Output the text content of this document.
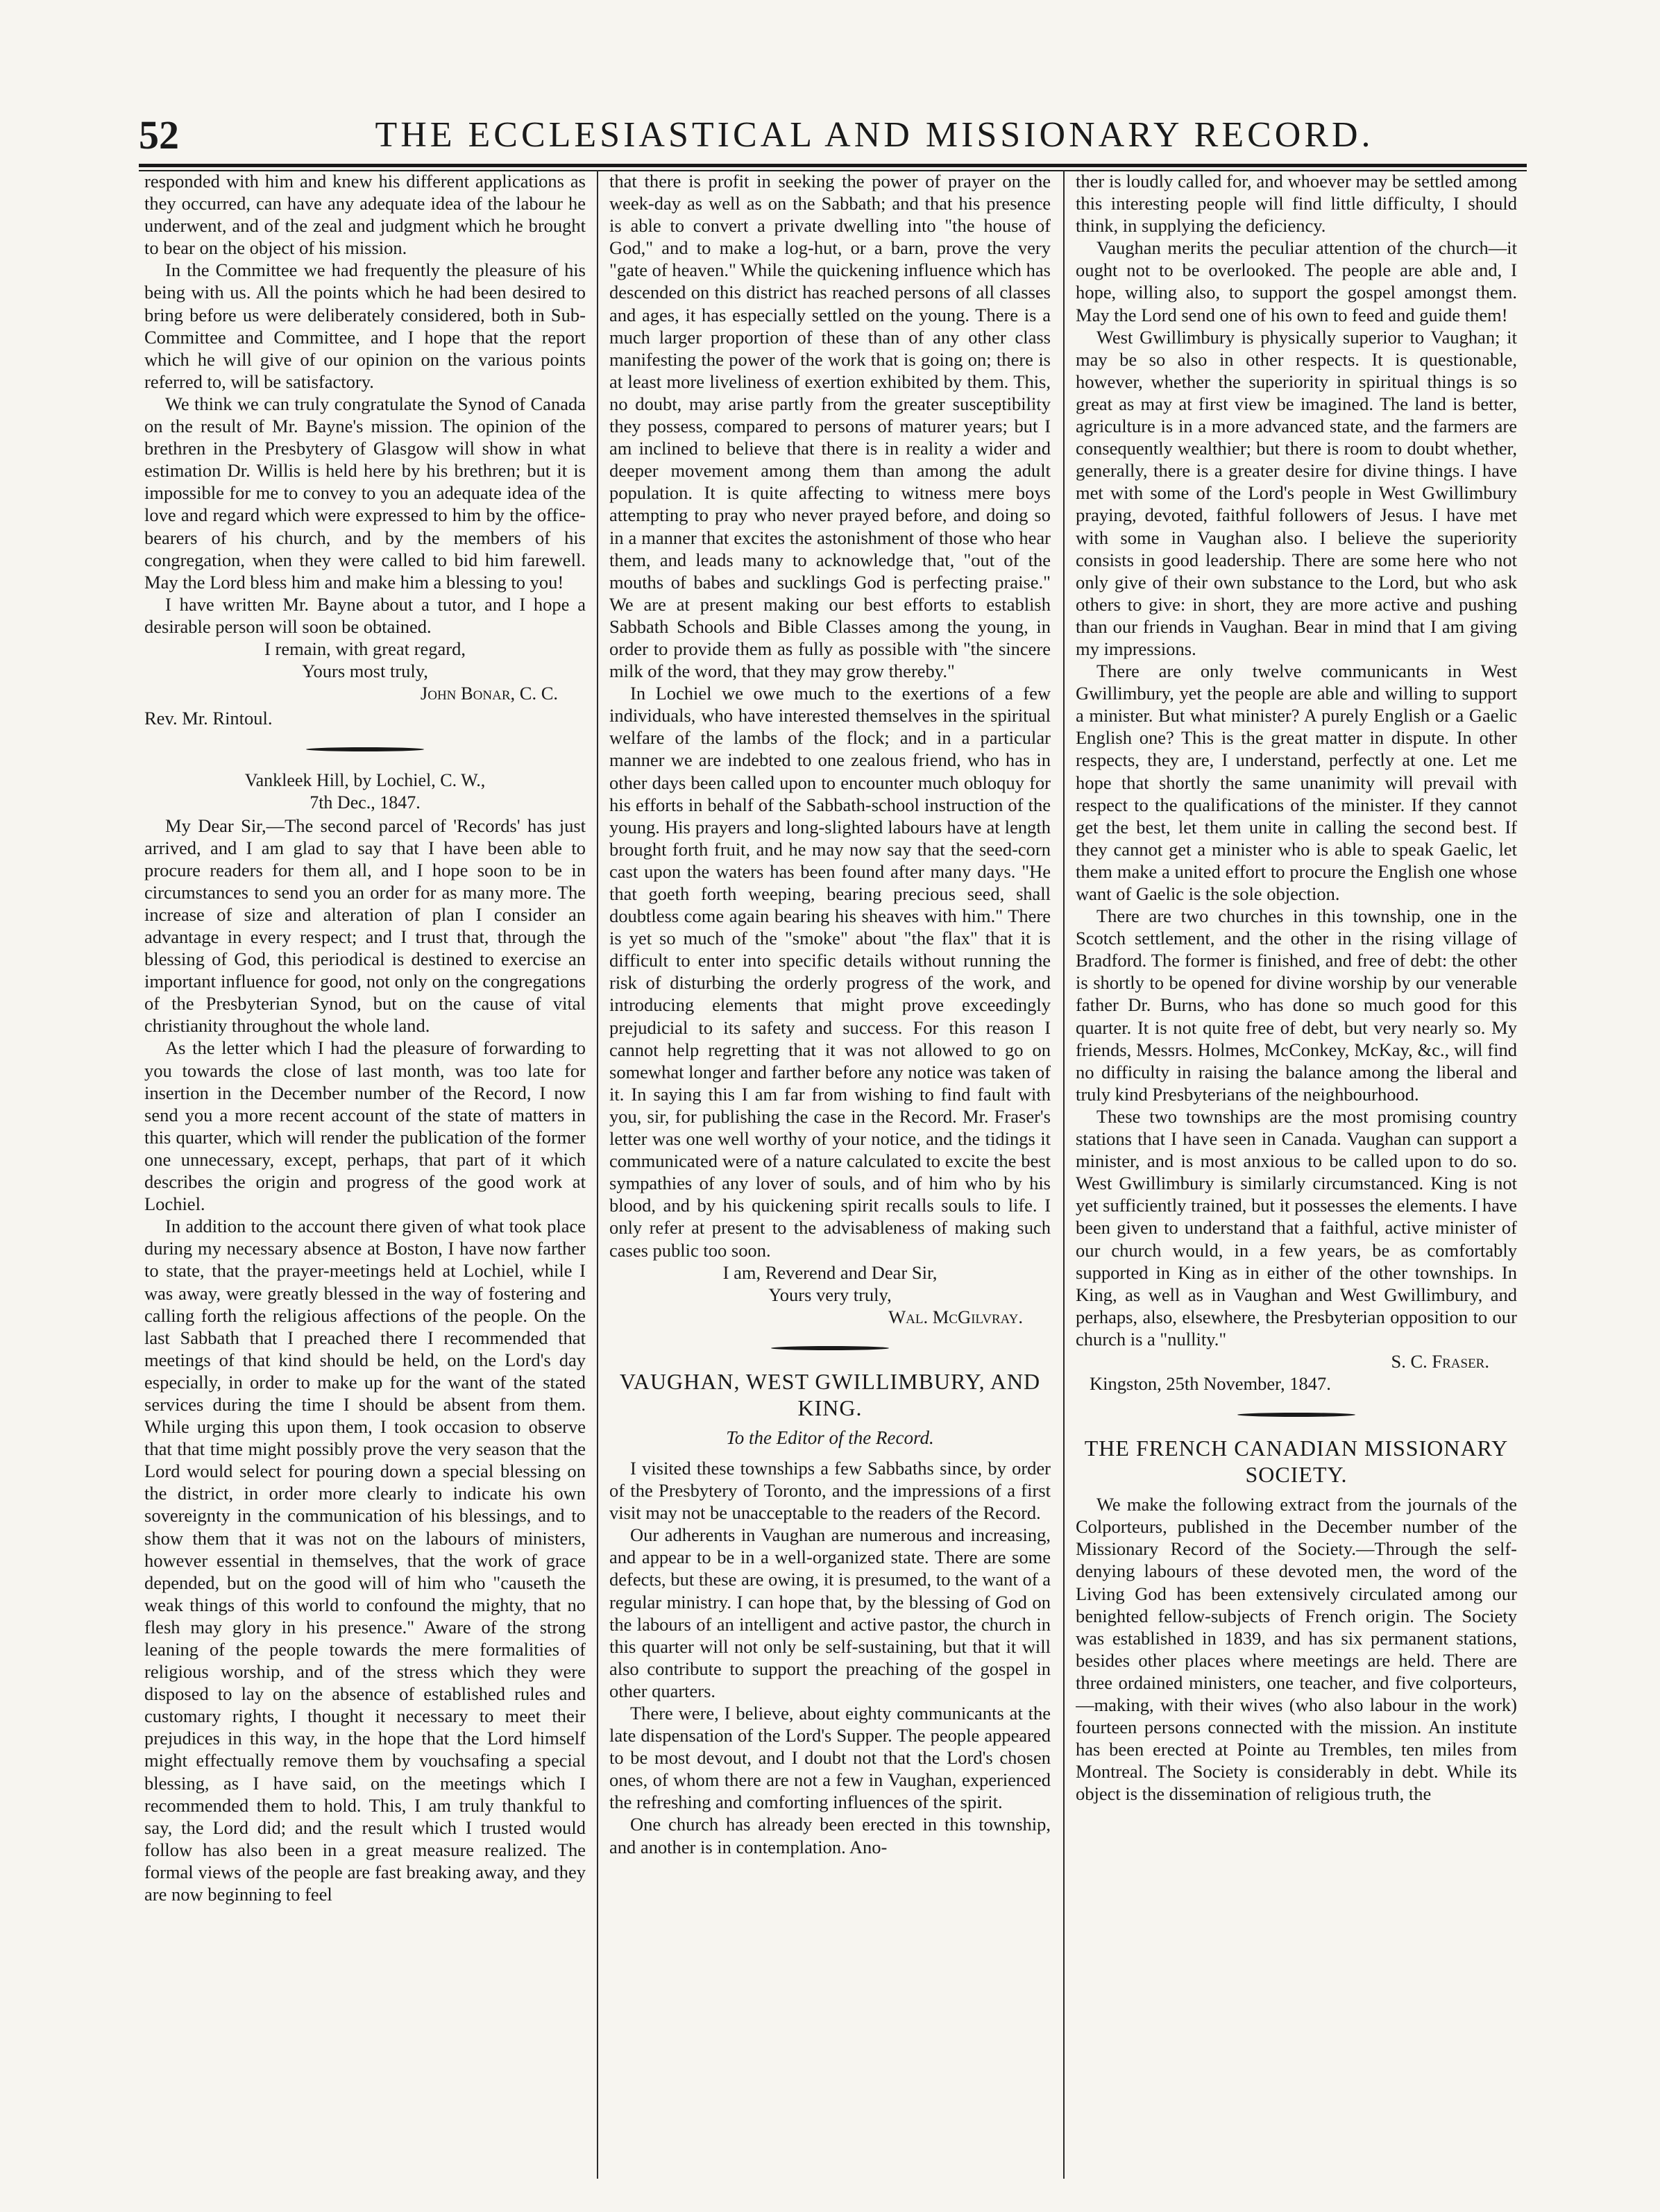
52	THE ECCLESIASTICAL AND MISSIONARY RECORD.

responded with him and knew his different applications as they occurred, can have any adequate idea of the labour he underwent, and of the zeal and judgment which he brought to bear on the object of his mission.

In the Committee we had frequently the pleasure of his being with us. All the points which he had been desired to bring before us were deliberately considered, both in Sub-Committee and Committee, and I hope that the report which he will give of our opinion on the various points referred to, will be satisfactory.

We think we can truly congratulate the Synod of Canada on the result of Mr. Bayne's mission. The opinion of the brethren in the Presbytery of Glasgow will show in what estimation Dr. Willis is held here by his brethren; but it is impossible for me to convey to you an adequate idea of the love and regard which were expressed to him by the office-bearers of his church, and by the members of his congregation, when they were called to bid him farewell. May the Lord bless him and make him a blessing to you!

I have written Mr. Bayne about a tutor, and I hope a desirable person will soon be obtained.

I remain, with great regard,
Yours most truly,
John Bonar, C. C.
Rev. Mr. Rintoul.
Vankleek Hill, by Lochiel, C. W.,
7th Dec., 1847.

My Dear Sir,—The second parcel of 'Records' has just arrived, and I am glad to say that I have been able to procure readers for them all, and I hope soon to be in circumstances to send you an order for as many more. The increase of size and alteration of plan I consider an advantage in every respect; and I trust that, through the blessing of God, this periodical is destined to exercise an important influence for good, not only on the congregations of the Presbyterian Synod, but on the cause of vital christianity throughout the whole land.

As the letter which I had the pleasure of forwarding to you towards the close of last month, was too late for insertion in the December number of the Record, I now send you a more recent account of the state of matters in this quarter, which will render the publication of the former one unnecessary, except, perhaps, that part of it which describes the origin and progress of the good work at Lochiel.

In addition to the account there given of what took place during my necessary absence at Boston, I have now farther to state, that the prayer-meetings held at Lochiel, while I was away, were greatly blessed in the way of fostering and calling forth the religious affections of the people. On the last Sabbath that I preached there I recommended that meetings of that kind should be held, on the Lord's day especially, in order to make up for the want of the stated services during the time I should be absent from them. While urging this upon them, I took occasion to observe that that time might possibly prove the very season that the Lord would select for pouring down a special blessing on the district, in order more clearly to indicate his own sovereignty in the communication of his blessings, and to show them that it was not on the labours of ministers, however essential in themselves, that the work of grace depended, but on the good will of him who "causeth the weak things of this world to confound the mighty, that no flesh may glory in his presence." Aware of the strong leaning of the people towards the mere formalities of religious worship, and of the stress which they were disposed to lay on the absence of established rules and customary rights, I thought it necessary to meet their prejudices in this way, in the hope that the Lord himself might effectually remove them by vouchsafing a special blessing, as I have said, on the meetings which I recommended them to hold. This, I am truly thankful to say, the Lord did; and the result which I trusted would follow has also been in a great measure realized. The formal views of the people are fast breaking away, and they are now beginning to feel

that there is profit in seeking the power of prayer on the week-day as well as on the Sabbath; and that his presence is able to convert a private dwelling into "the house of God," and to make a log-hut, or a barn, prove the very "gate of heaven." While the quickening influence which has descended on this district has reached persons of all classes and ages, it has especially settled on the young. There is a much larger proportion of these than of any other class manifesting the power of the work that is going on; there is at least more liveliness of exertion exhibited by them. This, no doubt, may arise partly from the greater susceptibility they possess, compared to persons of maturer years; but I am inclined to believe that there is in reality a wider and deeper movement among them than among the adult population. It is quite affecting to witness mere boys attempting to pray who never prayed before, and doing so in a manner that excites the astonishment of those who hear them, and leads many to acknowledge that, "out of the mouths of babes and sucklings God is perfecting praise." We are at present making our best efforts to establish Sabbath Schools and Bible Classes among the young, in order to provide them as fully as possible with "the sincere milk of the word, that they may grow thereby."

In Lochiel we owe much to the exertions of a few individuals, who have interested themselves in the spiritual welfare of the lambs of the flock; and in a particular manner we are indebted to one zealous friend, who has in other days been called upon to encounter much obloquy for his efforts in behalf of the Sabbath-school instruction of the young. His prayers and long-slighted labours have at length brought forth fruit, and he may now say that the seed-corn cast upon the waters has been found after many days. "He that goeth forth weeping, bearing precious seed, shall doubtless come again bearing his sheaves with him." There is yet so much of the "smoke" about "the flax" that it is difficult to enter into specific details without running the risk of disturbing the orderly progress of the work, and introducing elements that might prove exceedingly prejudicial to its safety and success. For this reason I cannot help regretting that it was not allowed to go on somewhat longer and farther before any notice was taken of it. In saying this I am far from wishing to find fault with you, sir, for publishing the case in the Record. Mr. Fraser's letter was one well worthy of your notice, and the tidings it communicated were of a nature calculated to excite the best sympathies of any lover of souls, and of him who by his blood, and by his quickening spirit recalls souls to life. I only refer at present to the advisableness of making such cases public too soon.

I am, Reverend and Dear Sir,
Yours very truly,
Wal. McGilvray.
VAUGHAN, WEST GWILLIMBURY, AND KING.
To the Editor of the Record.

I visited these townships a few Sabbaths since, by order of the Presbytery of Toronto, and the impressions of a first visit may not be unacceptable to the readers of the Record.

Our adherents in Vaughan are numerous and increasing, and appear to be in a well-organized state. There are some defects, but these are owing, it is presumed, to the want of a regular ministry. I can hope that, by the blessing of God on the labours of an intelligent and active pastor, the church in this quarter will not only be self-sustaining, but that it will also contribute to support the preaching of the gospel in other quarters.

There were, I believe, about eighty communicants at the late dispensation of the Lord's Supper. The people appeared to be most devout, and I doubt not that the Lord's chosen ones, of whom there are not a few in Vaughan, experienced the refreshing and comforting influences of the spirit.

One church has already been erected in this township, and another is in contemplation. Ano-

ther is loudly called for, and whoever may be settled among this interesting people will find little difficulty, I should think, in supplying the deficiency.

Vaughan merits the peculiar attention of the church—it ought not to be overlooked. The people are able and, I hope, willing also, to support the gospel amongst them. May the Lord send one of his own to feed and guide them!

West Gwillimbury is physically superior to Vaughan; it may be so also in other respects. It is questionable, however, whether the superiority in spiritual things is so great as may at first view be imagined. The land is better, agriculture is in a more advanced state, and the farmers are consequently wealthier; but there is room to doubt whether, generally, there is a greater desire for divine things. I have met with some of the Lord's people in West Gwillimbury praying, devoted, faithful followers of Jesus. I have met with some in Vaughan also. I believe the superiority consists in good leadership. There are some here who not only give of their own substance to the Lord, but who ask others to give: in short, they are more active and pushing than our friends in Vaughan. Bear in mind that I am giving my impressions.

There are only twelve communicants in West Gwillimbury, yet the people are able and willing to support a minister. But what minister? A purely English or a Gaelic English one? This is the great matter in dispute. In other respects, they are, I understand, perfectly at one. Let me hope that shortly the same unanimity will prevail with respect to the qualifications of the minister. If they cannot get the best, let them unite in calling the second best. If they cannot get a minister who is able to speak Gaelic, let them make a united effort to procure the English one whose want of Gaelic is the sole objection.

There are two churches in this township, one in the Scotch settlement, and the other in the rising village of Bradford. The former is finished, and free of debt: the other is shortly to be opened for divine worship by our venerable father Dr. Burns, who has done so much good for this quarter. It is not quite free of debt, but very nearly so. My friends, Messrs. Holmes, McConkey, McKay, &c., will find no difficulty in raising the balance among the liberal and truly kind Presbyterians of the neighbourhood.

These two townships are the most promising country stations that I have seen in Canada. Vaughan can support a minister, and is most anxious to be called upon to do so. West Gwillimbury is similarly circumstanced. King is not yet sufficiently trained, but it possesses the elements. I have been given to understand that a faithful, active minister of our church would, in a few years, be as comfortably supported in King as in either of the other townships. In King, as well as in Vaughan and West Gwillimbury, and perhaps, also, elsewhere, the Presbyterian opposition to our church is a "nullity."

S. C. Fraser.
Kingston, 25th November, 1847.
THE FRENCH CANADIAN MISSIONARY SOCIETY.

We make the following extract from the journals of the Colporteurs, published in the December number of the Missionary Record of the Society.—Through the self-denying labours of these devoted men, the word of the Living God has been extensively circulated among our benighted fellow-subjects of French origin. The Society was established in 1839, and has six permanent stations, besides other places where meetings are held. There are three ordained ministers, one teacher, and five colporteurs,—making, with their wives (who also labour in the work) fourteen persons connected with the mission. An institute has been erected at Pointe au Trembles, ten miles from Montreal. The Society is considerably in debt. While its object is the dissemination of religious truth, the
